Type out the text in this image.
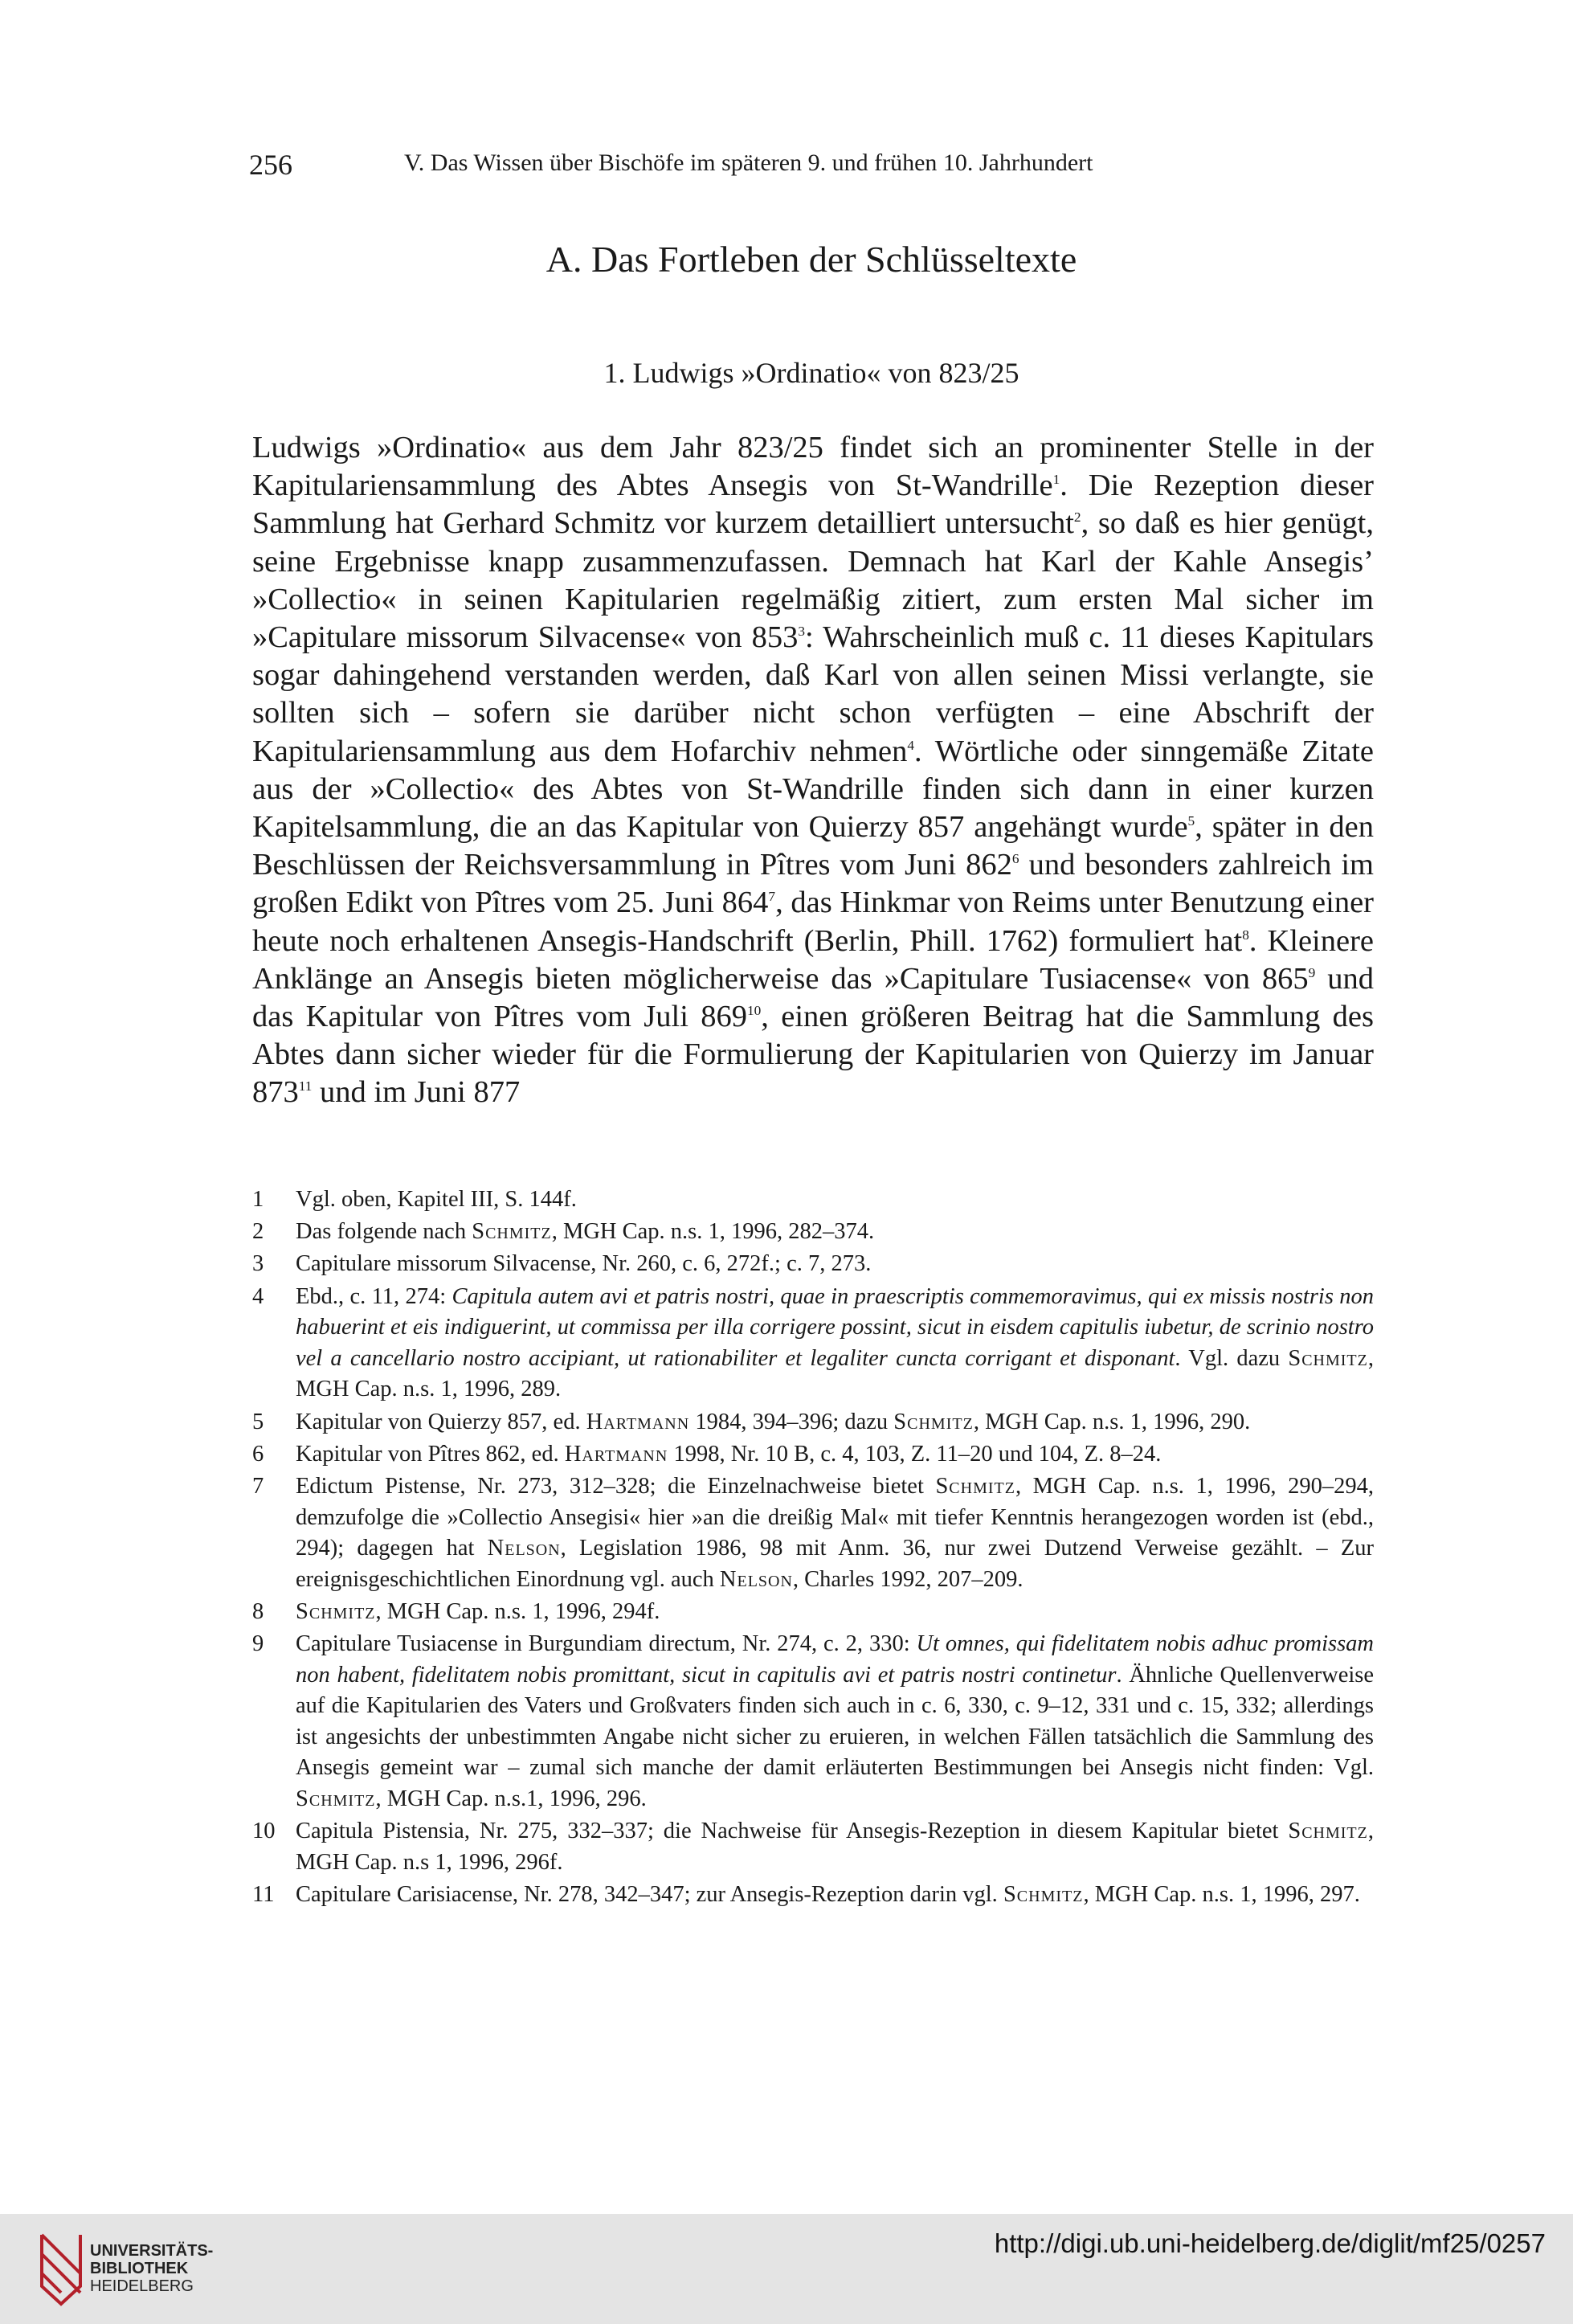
256	V. Das Wissen über Bischöfe im späteren 9. und frühen 10. Jahrhundert
A. Das Fortleben der Schlüsseltexte
1. Ludwigs »Ordinatio« von 823/25

Ludwigs »Ordinatio« aus dem Jahr 823/25 findet sich an prominenter Stelle in der Kapitulariensammlung des Abtes Ansegis von St-Wandrille$^1$. Die Rezeption dieser Sammlung hat Gerhard Schmitz vor kurzem detailliert untersucht$^2$, so daß es hier genügt, seine Ergebnisse knapp zusammenzufassen. Demnach hat Karl der Kahle Ansegis’ »Collectio« in seinen Kapitularien regelmäßig zitiert, zum ersten Mal sicher im »Capitulare missorum Silvacense« von $853^3$: Wahrscheinlich muß c. 11 dieses Kapitulars sogar dahingehend verstanden werden, daß Karl von allen seinen Missi verlangte, sie sollten sich – sofern sie darüber nicht schon verfügten – eine Abschrift der Kapitulariensammlung aus dem Hofarchiv nehmen$^4$. Wörtliche oder sinngemäße Zitate aus der »Collectio« des Abtes von St-Wandrille finden sich dann in einer kurzen Kapitelsammlung, die an das Kapitular von Quierzy 857 angehängt wurde$^5$, später in den Beschlüssen der Reichsversammlung in Pîtres vom Juni $862^6$ und besonders zahlreich im großen Edikt von Pîtres vom 25. Juni $864^7$, das Hinkmar von Reims unter Benutzung einer heute noch erhaltenen Ansegis-Handschrift (Berlin, Phill. 1762) formuliert hat$^8$. Kleinere Anklänge an Ansegis bieten möglicherweise das »Capitulare Tusiacense« von $865^9$ und das Kapitular von Pîtres vom Juli $869^{10}$, einen größeren Beitrag hat die Sammlung des Abtes dann sicher wieder für die Formulierung der Kapitularien von Quierzy im Januar $873^{11}$ und im Juni 877

1	Vgl. oben, Kapitel III, S. 144f.
2	Das folgende nach Schmitz, MGH Cap. n.s. 1, 1996, 282–374.
3	Capitulare missorum Silvacense, Nr. 260, c. 6, 272f.; c. 7, 273.
4	Ebd., c. 11, 274: Capitula autem avi et patris nostri, quae in praescriptis commemoravimus, qui ex missis nostris non habuerint et eis indiguerint, ut commissa per illa corrigere possint, sicut in eisdem capitulis iubetur, de scrinio nostro vel a cancellario nostro accipiant, ut rationabiliter et legaliter cuncta corrigant et disponant. Vgl. dazu Schmitz, MGH Cap. n.s. 1, 1996, 289.
5	Kapitular von Quierzy 857, ed. Hartmann 1984, 394–396; dazu Schmitz, MGH Cap. n.s. 1, 1996, 290.
6	Kapitular von Pîtres 862, ed. Hartmann 1998, Nr. 10 B, c. 4, 103, Z. 11–20 und 104, Z. 8–24.
7	Edictum Pistense, Nr. 273, 312–328; die Einzelnachweise bietet Schmitz, MGH Cap. n.s. 1, 1996, 290–294, demzufolge die »Collectio Ansegisi« hier »an die dreißig Mal« mit tiefer Kenntnis herangezogen worden ist (ebd., 294); dagegen hat Nelson, Legislation 1986, 98 mit Anm. 36, nur zwei Dutzend Verweise gezählt. – Zur ereignisgeschichtlichen Einordnung vgl. auch Nelson, Charles 1992, 207–209.
8	Schmitz, MGH Cap. n.s. 1, 1996, 294f.
9	Capitulare Tusiacense in Burgundiam directum, Nr. 274, c. 2, 330: Ut omnes, qui fidelitatem nobis adhuc promissam non habent, fidelitatem nobis promittant, sicut in capitulis avi et patris nostri continetur. Ähnliche Quellenverweise auf die Kapitularien des Vaters und Großvaters finden sich auch in c. 6, 330, c. 9–12, 331 und c. 15, 332; allerdings ist angesichts der unbestimmten Angabe nicht sicher zu eruieren, in welchen Fällen tatsächlich die Sammlung des Ansegis gemeint war – zumal sich manche der damit erläuterten Bestimmungen bei Ansegis nicht finden: Vgl. Schmitz, MGH Cap. n.s.1, 1996, 296.
10 Capitula Pistensia, Nr. 275, 332–337; die Nachweise für Ansegis-Rezeption in diesem Kapitular bietet Schmitz, MGH Cap. n.s 1, 1996, 296f.
11 Capitulare Carisiacense, Nr. 278, 342–347; zur Ansegis-Rezeption darin vgl. Schmitz, MGH Cap. n.s. 1, 1996, 297.
UNIVERSITÄTS-
BIBLIOTHEK
HEIDELBERG
http://digi.ub.uni-heidelberg.de/diglit/mf25/0257
